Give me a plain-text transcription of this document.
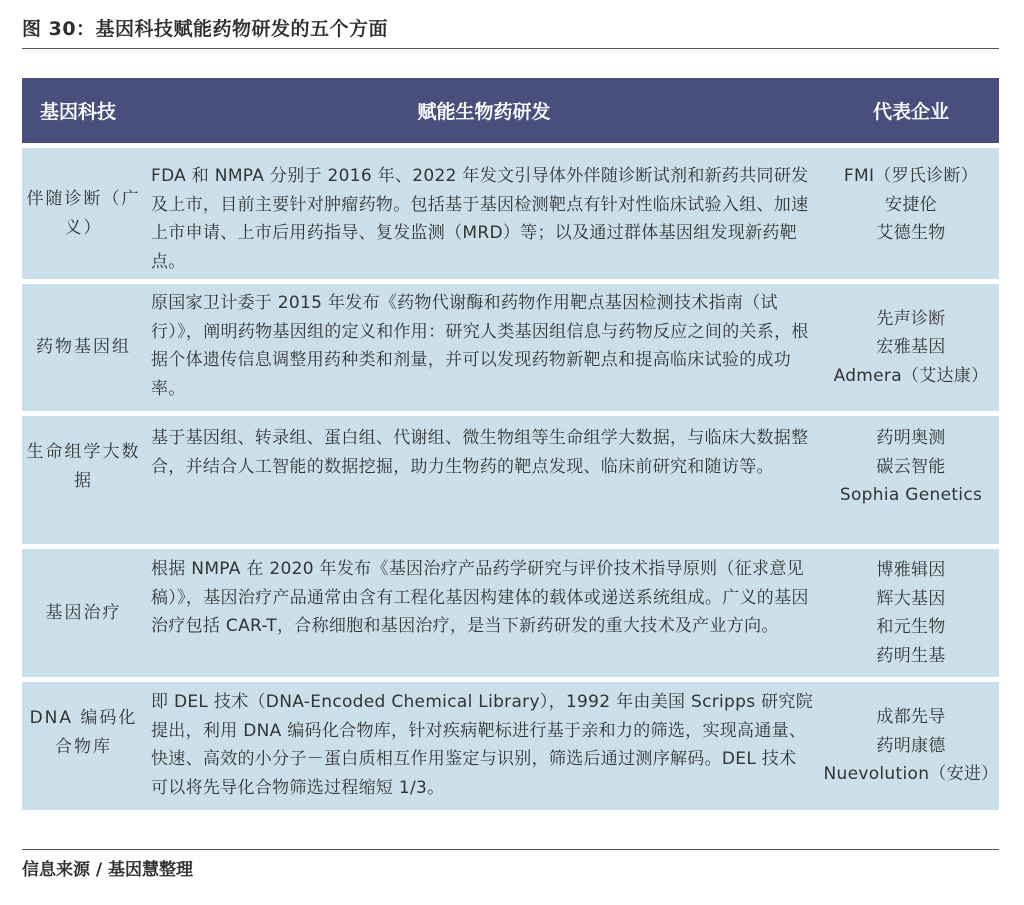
图 30：基因科技赋能药物研发的五个方面
基因科技	赋能生物药研发	代表企业
伴随诊断（广义）
FDA 和 NMPA 分别于 2016 年、2022 年发文引导体外伴随诊断试剂和新药共同研发及上市，目前主要针对肿瘤药物。包括基于基因检测靶点有针对性临床试验入组、加速上市申请、上市后用药指导、复发监测（MRD）等；以及通过群体基因组发现新药靶点。
FMI（罗氏诊断）
安捷伦
艾德生物
药物基因组
原国家卫计委于 2015 年发布《药物代谢酶和药物作用靶点基因检测技术指南（试行）》，阐明药物基因组的定义和作用：研究人类基因组信息与药物反应之间的关系，根据个体遗传信息调整用药种类和剂量，并可以发现药物新靶点和提高临床试验的成功率。
先声诊断
宏雅基因
Admera（艾达康）
生命组学大数据
基于基因组、转录组、蛋白组、代谢组、微生物组等生命组学大数据，与临床大数据整合，并结合人工智能的数据挖掘，助力生物药的靶点发现、临床前研究和随访等。
药明奥测
碳云智能
Sophia Genetics
基因治疗
根据 NMPA 在 2020 年发布《基因治疗产品药学研究与评价技术指导原则（征求意见稿）》，基因治疗产品通常由含有工程化基因构建体的载体或递送系统组成。广义的基因治疗包括 CAR-T，合称细胞和基因治疗，是当下新药研发的重大技术及产业方向。
博雅辑因
辉大基因
和元生物
药明生基
DNA 编码化合物库
即 DEL 技术（DNA-Encoded Chemical Library），1992 年由美国 Scripps 研究院提出，利用 DNA 编码化合物库，针对疾病靶标进行基于亲和力的筛选，实现高通量、快速、高效的小分子－蛋白质相互作用鉴定与识别，筛选后通过测序解码。DEL 技术可以将先导化合物筛选过程缩短 1/3。
成都先导
药明康德
Nuevolution（安进）
信息来源 / 基因慧整理
